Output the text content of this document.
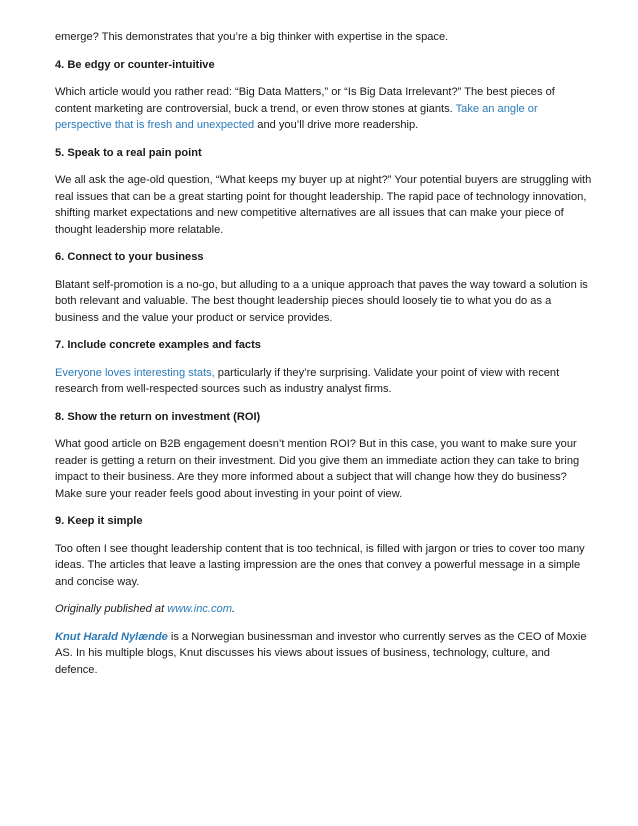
emerge? This demonstrates that you’re a big thinker with expertise in the space.

4. Be edgy or counter-intuitive

Which article would you rather read: “Big Data Matters,” or “Is Big Data Irrelevant?” The best pieces of content marketing are controversial, buck a trend, or even throw stones at giants. Take an angle or perspective that is fresh and unexpected and you’ll drive more readership.

5. Speak to a real pain point

We all ask the age-old question, “What keeps my buyer up at night?” Your potential buyers are struggling with real issues that can be a great starting point for thought leadership. The rapid pace of technology innovation, shifting market expectations and new competitive alternatives are all issues that can make your piece of thought leadership more relatable.

6. Connect to your business

Blatant self-promotion is a no-go, but alluding to a a unique approach that paves the way toward a solution is both relevant and valuable. The best thought leadership pieces should loosely tie to what you do as a business and the value your product or service provides.

7. Include concrete examples and facts

Everyone loves interesting stats, particularly if they’re surprising. Validate your point of view with recent research from well-respected sources such as industry analyst firms.

8. Show the return on investment (ROI)

What good article on B2B engagement doesn’t mention ROI? But in this case, you want to make sure your reader is getting a return on their investment. Did you give them an immediate action they can take to bring impact to their business. Are they more informed about a subject that will change how they do business? Make sure your reader feels good about investing in your point of view.

9. Keep it simple

Too often I see thought leadership content that is too technical, is filled with jargon or tries to cover too many ideas. The articles that leave a lasting impression are the ones that convey a powerful message in a simple and concise way.

Originally published at www.inc.com.

Knut Harald Nylænde is a Norwegian businessman and investor who currently serves as the CEO of Moxie AS. In his multiple blogs, Knut discusses his views about issues of business, technology, culture, and defence.
